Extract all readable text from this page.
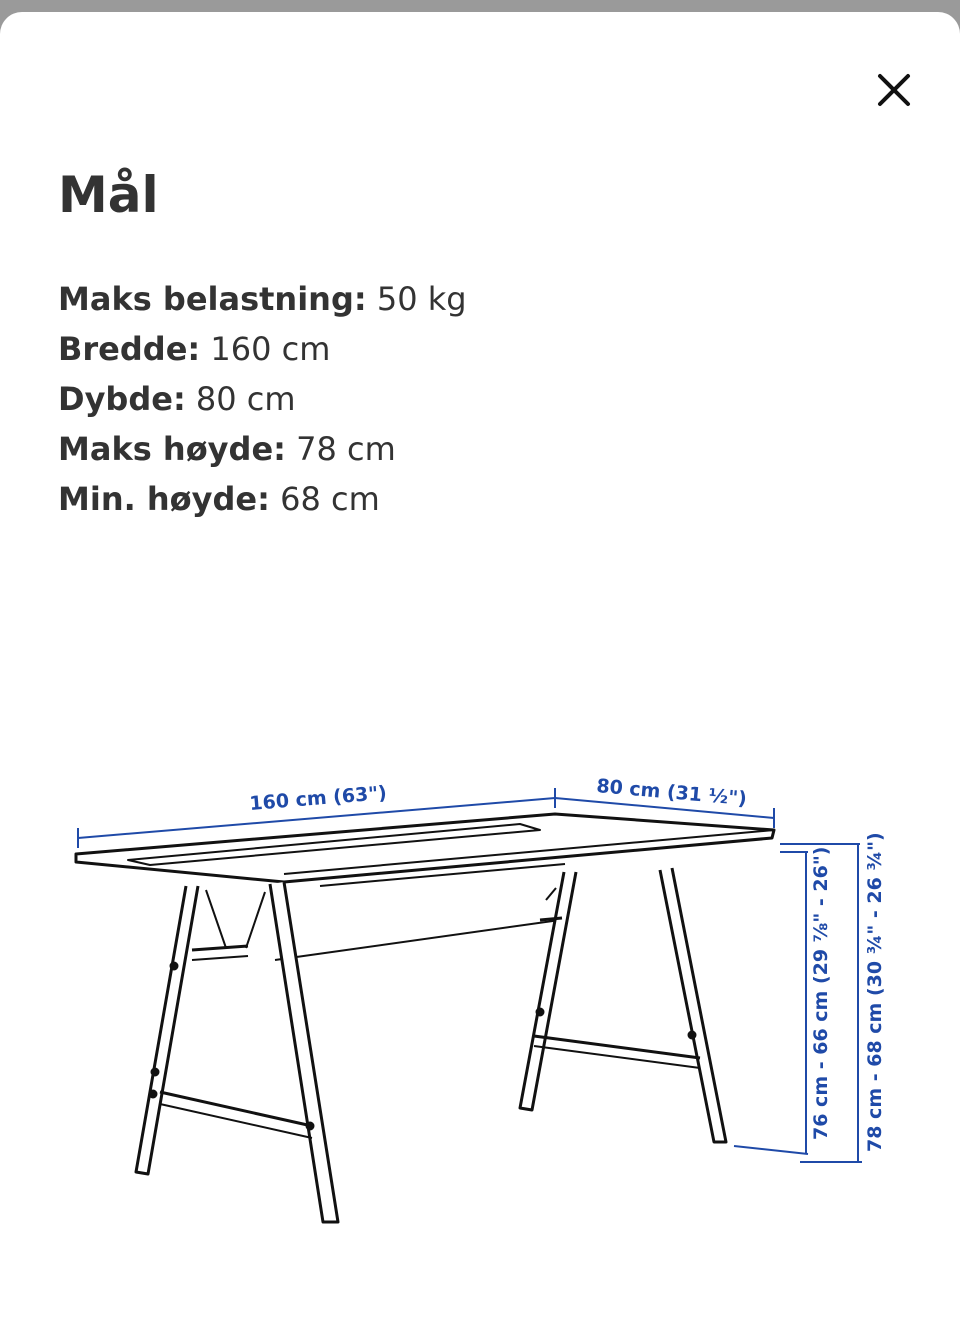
Mål
Maks belastning: 50 kg
Bredde: 160 cm
Dybde: 80 cm
Maks høyde: 78 cm
Min. høyde: 68 cm
160 cm (63")	80 cm (31 ½")
76 cm - 66 cm (29 ⅞" - 26") 78 cm - 68 cm (30 ¾" - 26 ¾")
